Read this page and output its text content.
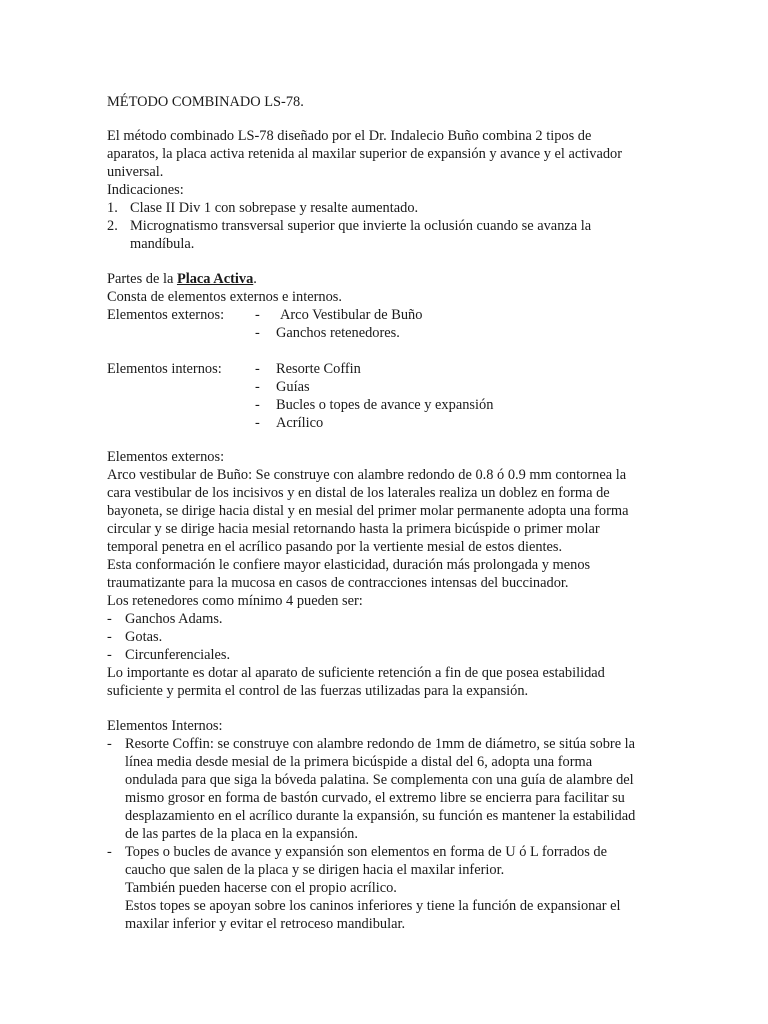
MÉTODO COMBINADO LS-78.
El método combinado LS-78 diseñado por el Dr. Indalecio Buño combina 2 tipos de
aparatos, la placa activa retenida al maxilar superior de expansión y avance y el activador
universal.
Indicaciones:
1. Clase II Div 1 con sobrepase y resalte aumentado.
2. Micrognatismo transversal superior que invierte la oclusión cuando se avanza la
mandíbula.
Partes de la Placa Activa.
Consta de elementos externos e internos.
Elementos externos: - Arco Vestibular de Buño
- Ganchos retenedores.
Elementos internos: - Resorte Coffin
- Guías
- Bucles o topes de avance y expansión
- Acrílico
Elementos externos:
Arco vestibular de Buño: Se construye con alambre redondo de 0.8 ó 0.9 mm contornea la
cara vestibular de los incisivos y en distal de los laterales realiza un doblez en forma de
bayoneta, se dirige hacia distal y en mesial del primer molar permanente adopta una forma
circular y se dirige hacia mesial retornando hasta la primera bicúspide o primer molar
temporal penetra en el acrílico pasando por la vertiente mesial de estos dientes.
Esta conformación le confiere mayor elasticidad, duración más prolongada y menos
traumatizante para la mucosa en casos de contracciones intensas del buccinador.
Los retenedores como mínimo 4 pueden ser:
- Ganchos Adams.
- Gotas.
- Circunferenciales.
Lo importante es dotar al aparato de suficiente retención a fin de que posea estabilidad
suficiente y permita el control de las fuerzas utilizadas para la expansión.
Elementos Internos:
- Resorte Coffin: se construye con alambre redondo de 1mm de diámetro, se sitúa sobre la
línea media desde mesial de la primera bicúspide a distal del 6, adopta una forma
ondulada para que siga la bóveda palatina. Se complementa con una guía de alambre del
mismo grosor en forma de bastón curvado, el extremo libre se encierra para facilitar su
desplazamiento en el acrílico durante la expansión, su función es mantener la estabilidad
de las partes de la placa en la expansión.
- Topes o bucles de avance y expansión son elementos en forma de U ó L forrados de
caucho que salen de la placa y se dirigen hacia el maxilar inferior.
También pueden hacerse con el propio acrílico.
Estos topes se apoyan sobre los caninos inferiores y tiene la función de expansionar el
maxilar inferior y evitar el retroceso mandibular.
